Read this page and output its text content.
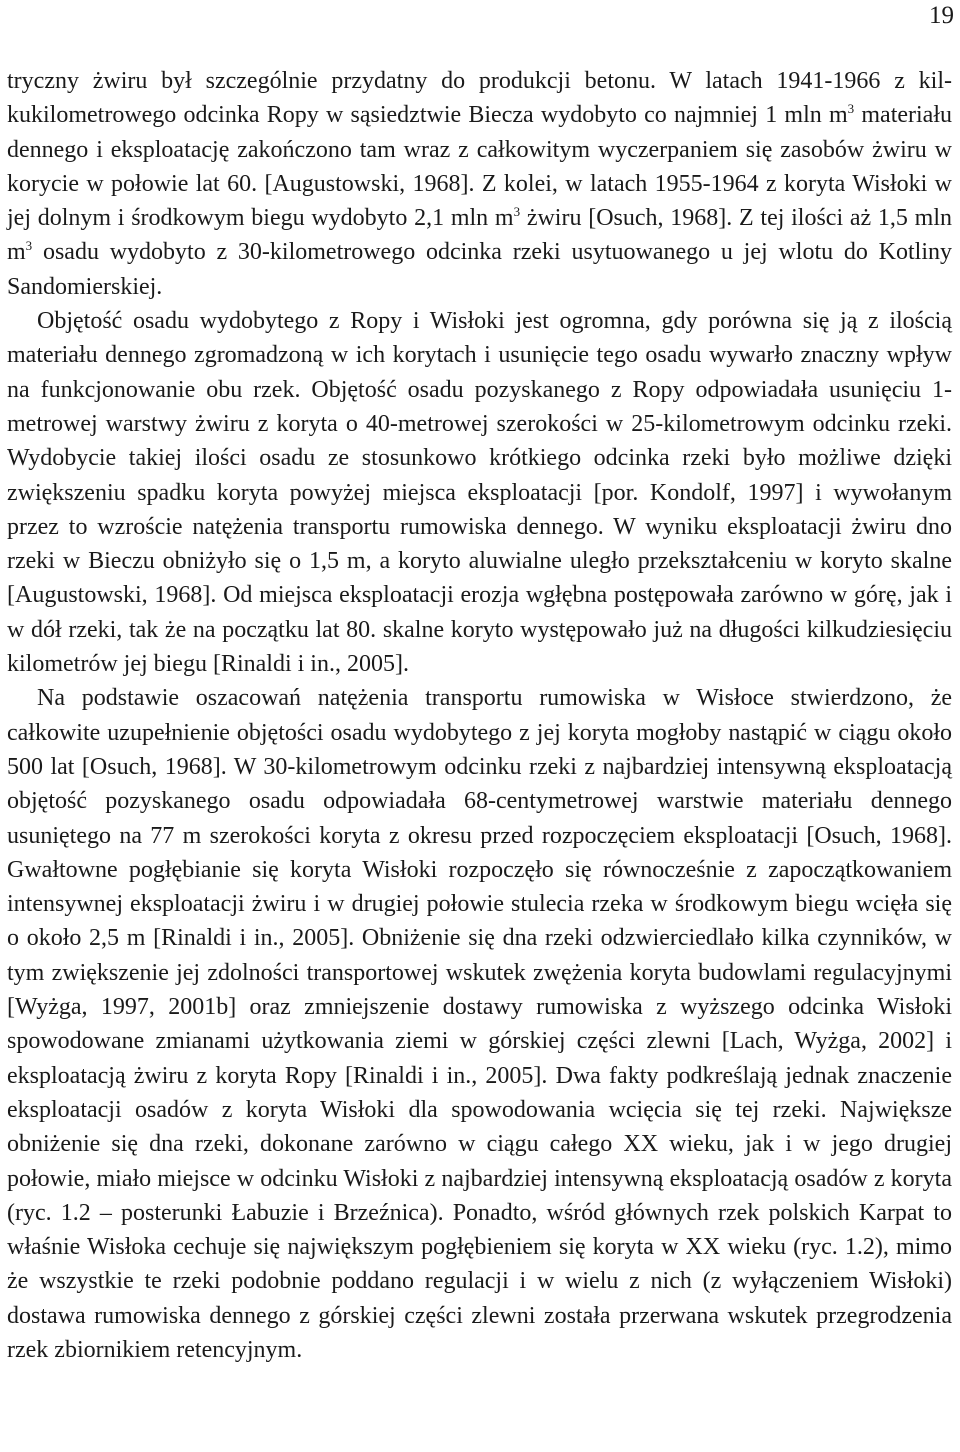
19

tryczny żwiru był szczególnie przydatny do produkcji betonu. W latach 1941-1966 z kilkukilometrowego odcinka Ropy w sąsiedztwie Biecza wydobyto co najmniej 1 mln $m^3$ materiału dennego i eksploatację zakończono tam wraz z całkowitym wyczerpaniem się zasobów żwiru w korycie w połowie lat 60. [Augustowski, 1968]. Z kolei, w latach 1955-1964 z koryta Wisłoki w jej dolnym i środkowym biegu wydobyto 2,1 mln $m^3$ żwiru [Osuch, 1968]. Z tej ilości aż 1,5 mln $m^3$ osadu wydobyto z 30-kilometrowego odcinka rzeki usytuowanego u jej wlotu do Kotliny Sandomierskiej.

Objętość osadu wydobytego z Ropy i Wisłoki jest ogromna, gdy porówna się ją z ilością materiału dennego zgromadzoną w ich korytach i usunięcie tego osadu wywarło znaczny wpływ na funkcjonowanie obu rzek. Objętość osadu pozyskanego z Ropy odpowiadała usunięciu 1-metrowej warstwy żwiru z koryta o 40-metrowej szerokości w 25-kilometrowym odcinku rzeki. Wydobycie takiej ilości osadu ze stosunkowo krótkiego odcinka rzeki było możliwe dzięki zwiększeniu spadku koryta powyżej miejsca eksploatacji [por. Kondolf, 1997] i wywołanym przez to wzroście natężenia transportu rumowiska dennego. W wyniku eksploatacji żwiru dno rzeki w Bieczu obniżyło się o 1,5 m, a koryto aluwialne uległo przekształceniu w koryto skalne [Augustowski, 1968]. Od miejsca eksploatacji erozja wgłębna postępowała zarówno w górę, jak i w dół rzeki, tak że na początku lat 80. skalne koryto występowało już na długości kilkudziesięciu kilometrów jej biegu [Rinaldi i in., 2005].

Na podstawie oszacowań natężenia transportu rumowiska w Wisłoce stwierdzono, że całkowite uzupełnienie objętości osadu wydobytego z jej koryta mogłoby nastąpić w ciągu około 500 lat [Osuch, 1968]. W 30-kilometrowym odcinku rzeki z najbardziej intensywną eksploatacją objętość pozyskanego osadu odpowiadała 68-centymetrowej warstwie materiału dennego usuniętego na 77 m szerokości koryta z okresu przed rozpoczęciem eksploatacji [Osuch, 1968]. Gwałtowne pogłębianie się koryta Wisłoki rozpoczęło się równocześnie z zapoczątkowaniem intensywnej eksploatacji żwiru i w drugiej połowie stulecia rzeka w środkowym biegu wcięła się o około 2,5 m [Rinaldi i in., 2005]. Obniżenie się dna rzeki odzwierciedlało kilka czynników, w tym zwiększenie jej zdolności transportowej wskutek zwężenia koryta budowlami regulacyjnymi [Wyżga, 1997, 2001b] oraz zmniejszenie dostawy rumowiska z wyższego odcinka Wisłoki spowodowane zmianami użytkowania ziemi w górskiej części zlewni [Lach, Wyżga, 2002] i eksploatacją żwiru z koryta Ropy [Rinaldi i in., 2005]. Dwa fakty podkreślają jednak znaczenie eksploatacji osadów z koryta Wisłoki dla spowodowania wcięcia się tej rzeki. Największe obniżenie się dna rzeki, dokonane zarówno w ciągu całego XX wieku, jak i w jego drugiej połowie, miało miejsce w odcinku Wisłoki z najbardziej intensywną eksploatacją osadów z koryta (ryc. 1.2 – posterunki Łabuzie i Brzeźnica). Ponadto, wśród głównych rzek polskich Karpat to właśnie Wisłoka cechuje się największym pogłębieniem się koryta w XX wieku (ryc. 1.2), mimo że wszystkie te rzeki podobnie poddano regulacji i w wielu z nich (z wyłączeniem Wisłoki) dostawa rumowiska dennego z górskiej części zlewni została przerwana wskutek przegrodzenia rzek zbiornikiem retencyjnym.
